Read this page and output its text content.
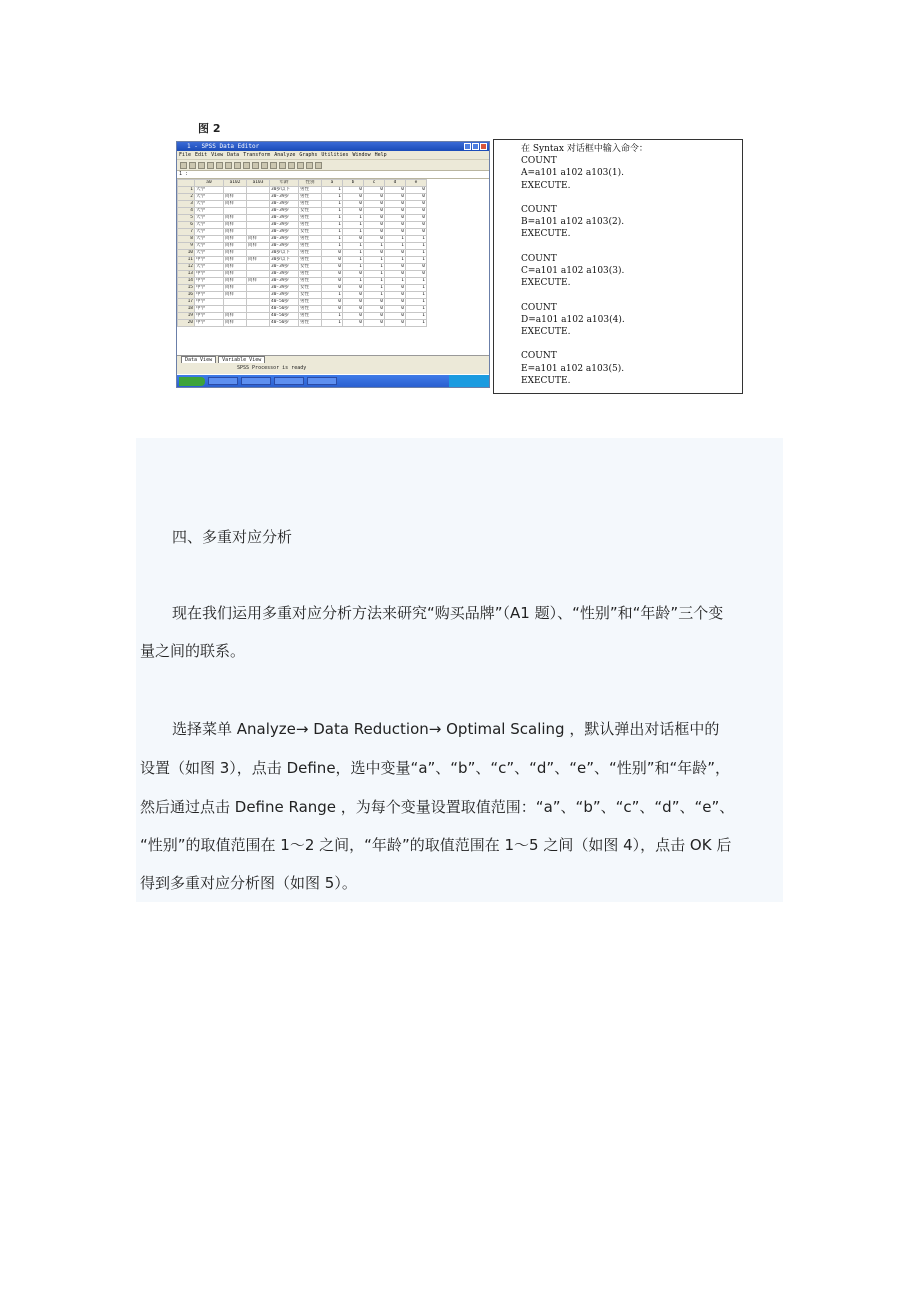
图 2
1 - SPSS Data Editor
File Edit View Data Transform Analyze Graphs Utilities Window Help
1 :
	a0	a102	a103	年龄	性别	a	b	c	d	e
1	大学			30岁以下	男性	1	0	0	0	0
2	大学	同样		30-39岁	男性	1	0	0	0	0
3	大学	同样		30-39岁	男性	1	0	0	0	0
4	大学			30-39岁	女性	1	0	0	0	0
5	大学	同样		30-39岁	男性	1	1	0	0	0
6	大学	同样		30-39岁	男性	1	1	0	0	0
7	大学	同样		30-39岁	女性	1	1	0	0	0
8	大学	同样	同样	30-39岁	男性	1	0	0	1	1
9	大学	同样	同样	30-39岁	男性	1	1	1	1	1
10	大学	同样		30岁以下	男性	0	1	0	0	1
11	中学	同样	同样	30岁以下	男性	0	1	1	1	1
12	大学	同样		30-39岁	女性	0	1	1	0	0
13	中学	同样		30-39岁	男性	0	0	1	0	0
14	中学	同样	同样	30-39岁	男性	0	1	1	1	1
15	中学	同样		30-39岁	女性	0	0	1	0	1
16	中学	同样		30-39岁	女性	1	0	1	0	1
17	中学			40-50岁	男性	0	0	0	0	1
18	中学			40-50岁	男性	0	0	0	0	1
19	中学	同样		40-50岁	男性	1	0	0	0	1
20	中学	同样		40-50岁	男性	1	0	0	0	1
Data View Variable View
SPSS Processor is ready
在 Syntax 对话框中输入命令：
COUNT
A=a101 a102 a103(1).
EXECUTE.
COUNT
B=a101 a102 a103(2).
EXECUTE.
COUNT
C=a101 a102 a103(3).
EXECUTE.
COUNT
D=a101 a102 a103(4).
EXECUTE.
COUNT
E=a101 a102 a103(5).
EXECUTE.
四、多重对应分析
现在我们运用多重对应分析方法来研究“购买品牌”（A1 题）、“性别”和“年龄”三个变
量之间的联系。
选择菜单 Analyze→ Data Reduction→ Optimal Scaling ，默认弹出对话框中的
设置（如图 3），点击 Define，选中变量“a”、“b”、“c”、“d”、“e”、“性别”和“年龄”，
然后通过点击 Define Range ，为每个变量设置取值范围：“a”、“b”、“c”、“d”、“e”、
“性别”的取值范围在 1～2 之间，“年龄”的取值范围在 1～5 之间（如图 4），点击 OK 后
得到多重对应分析图（如图 5）。
